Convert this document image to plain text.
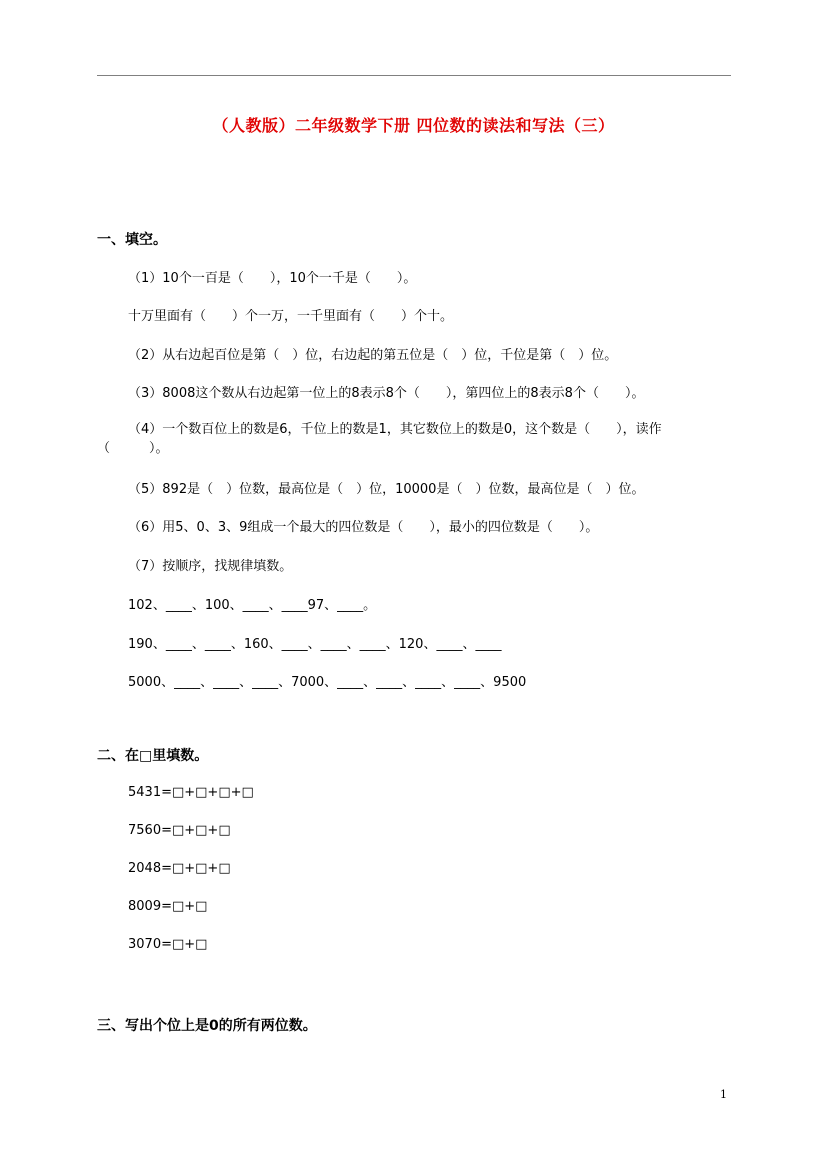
（人教版）二年级数学下册 四位数的读法和写法（三）
一、填空。
（1）10个一百是（　　），10个一千是（　　）。
十万里面有（　　）个一万，一千里面有（　　）个十。
（2）从右边起百位是第（　）位，右边起的第五位是（　）位，千位是第（　）位。
（3）8008这个数从右边起第一位上的8表示8个（　　），第四位上的8表示8个（　　）。
（4）一个数百位上的数是6，千位上的数是1，其它数位上的数是0，这个数是（　　），读作（　　　）。
（5）892是（　）位数，最高位是（　）位，10000是（　）位数，最高位是（　）位。
（6）用5、0、3、9组成一个最大的四位数是（　　），最小的四位数是（　　）。
（7）按顺序，找规律填数。
102、____、100、____、____97、____。
190、____、____、160、____、____、____、120、____、____
5000、____、____、____、7000、____、____、____、____、9500
二、在□里填数。
5431=□+□+□+□
7560=□+□+□
2048=□+□+□
8009=□+□
3070=□+□
三、写出个位上是0的所有两位数。
1
